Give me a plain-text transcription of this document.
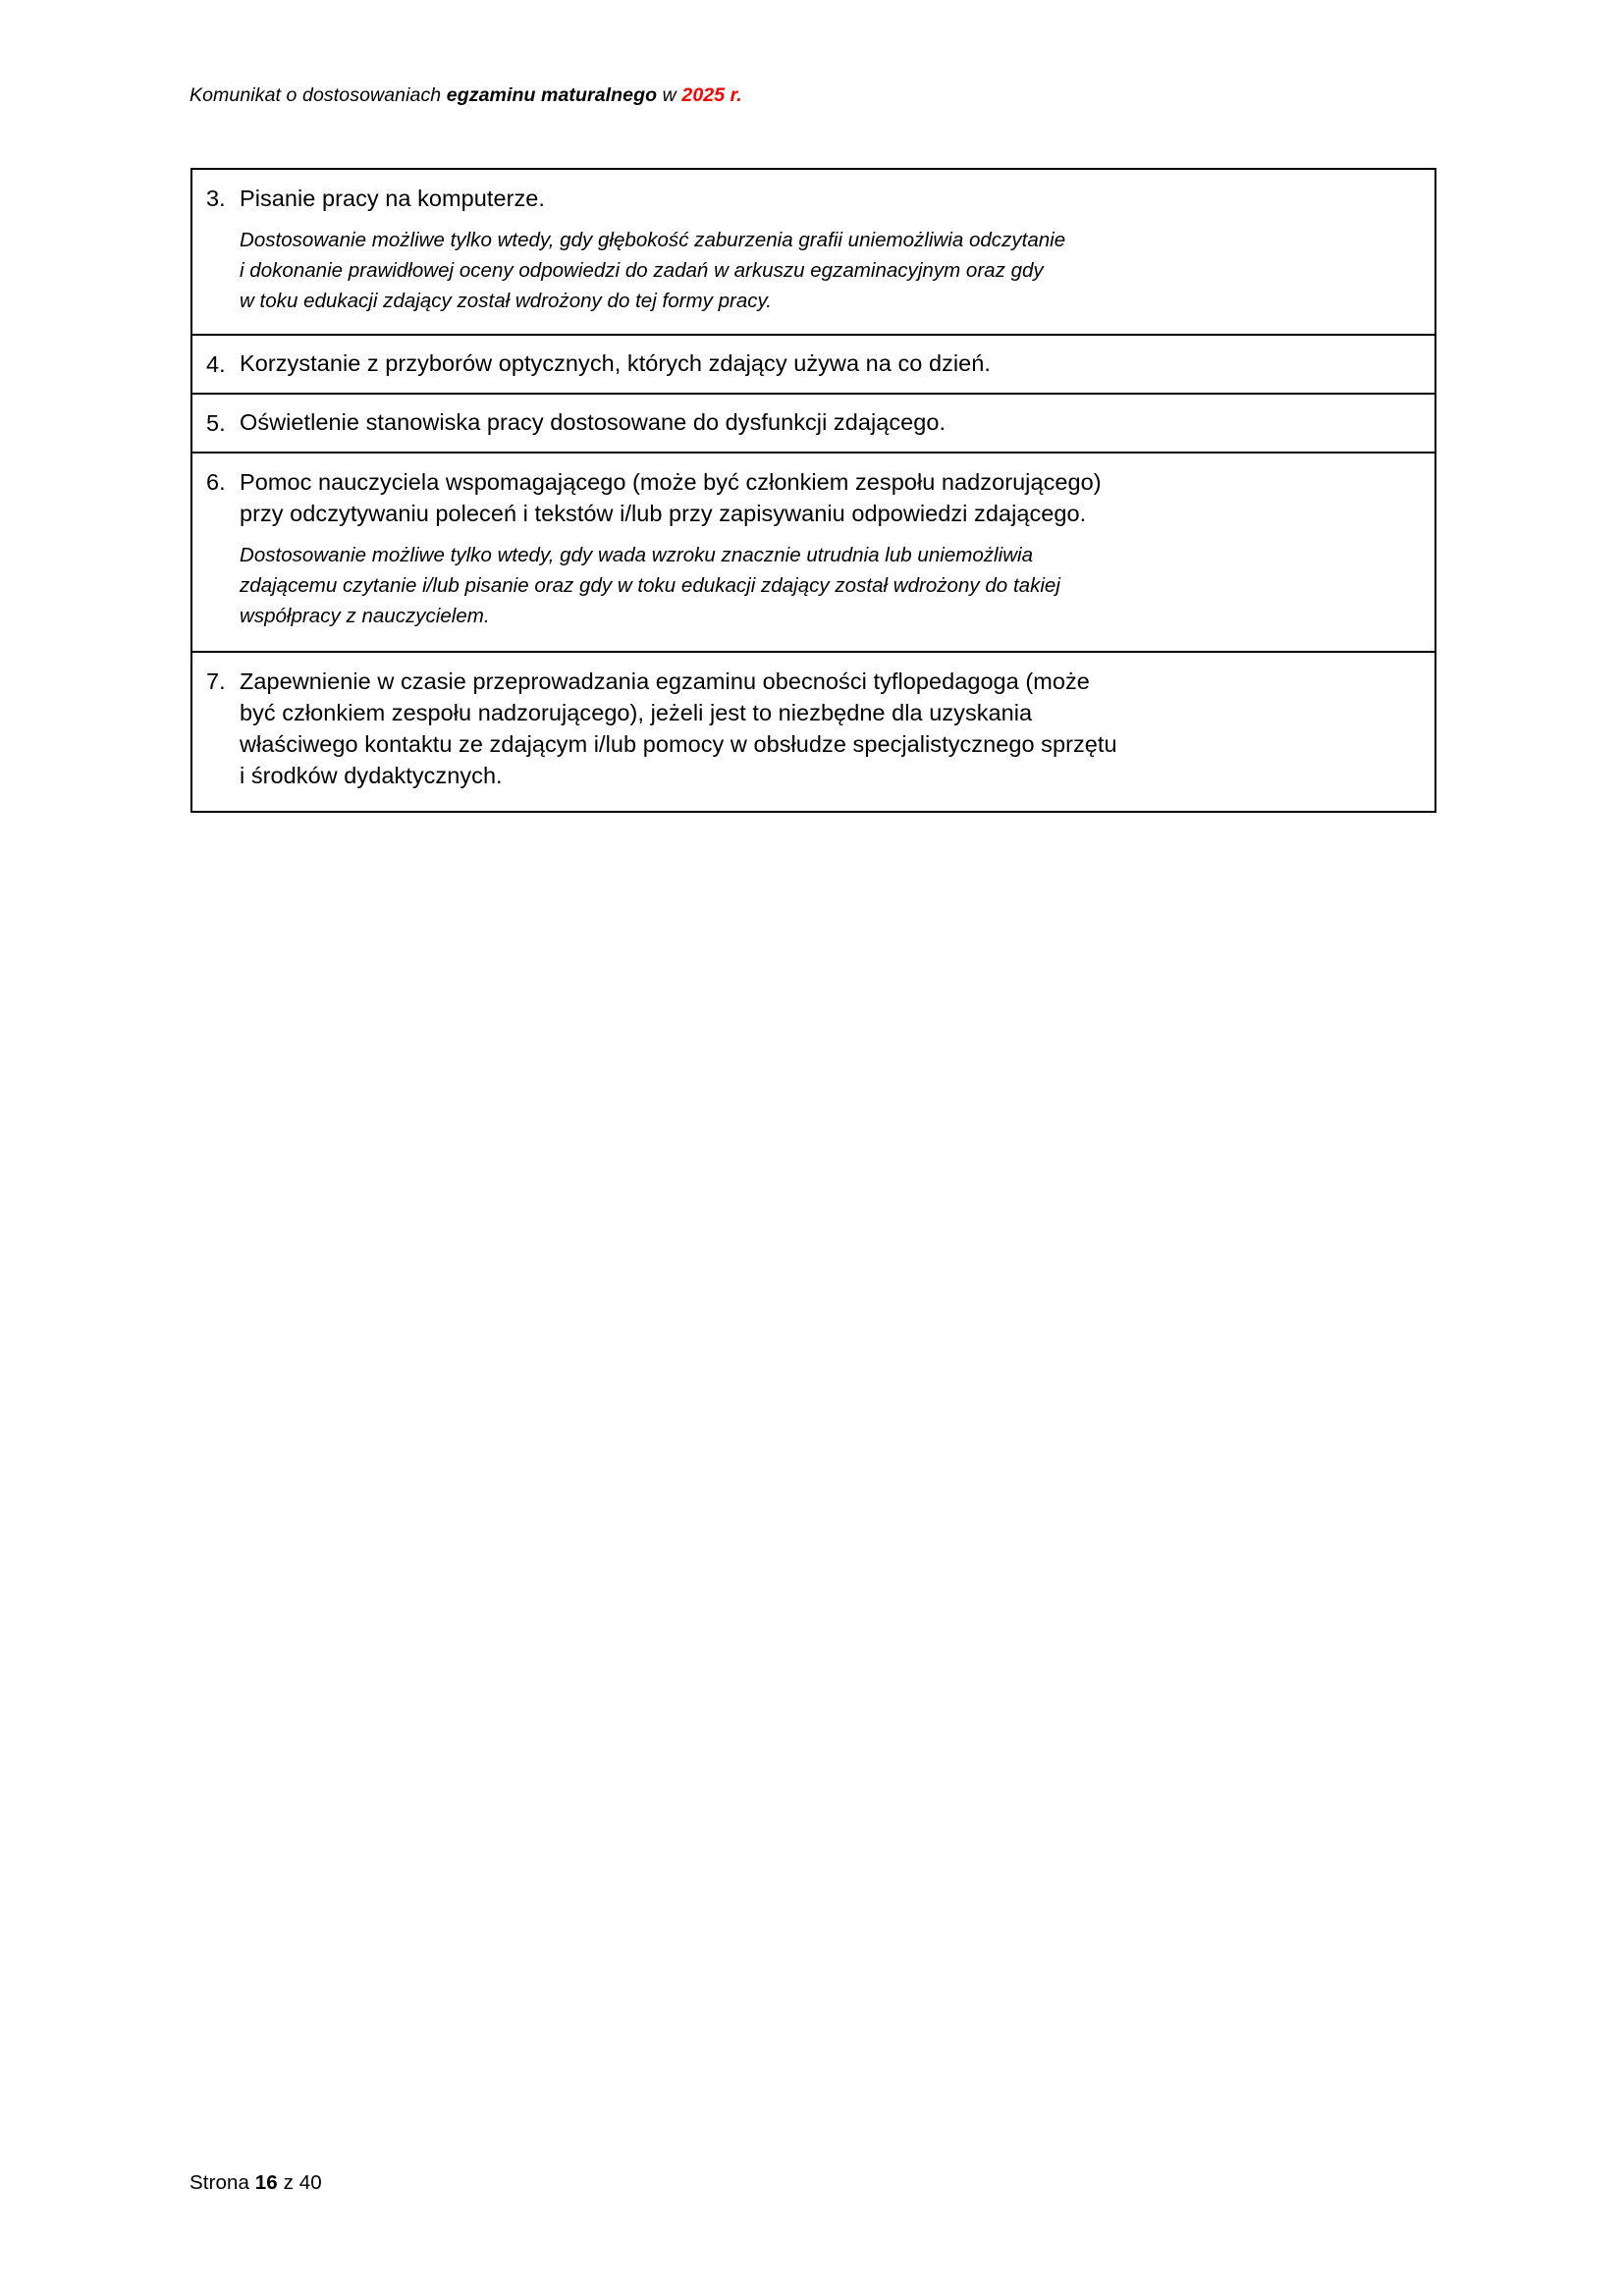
Komunikat o dostosowaniach egzaminu maturalnego w 2025 r.
3. Pisanie pracy na komputerze.
Dostosowanie możliwe tylko wtedy, gdy głębokość zaburzenia grafii uniemożliwia odczytanie
i dokonanie prawidłowej oceny odpowiedzi do zadań w arkuszu egzaminacyjnym oraz gdy
w toku edukacji zdający został wdrożony do tej formy pracy.
4. Korzystanie z przyborów optycznych, których zdający używa na co dzień.
5. Oświetlenie stanowiska pracy dostosowane do dysfunkcji zdającego.
6. Pomoc nauczyciela wspomagającego (może być członkiem zespołu nadzorującego)
przy odczytywaniu poleceń i tekstów i/lub przy zapisywaniu odpowiedzi zdającego.
Dostosowanie możliwe tylko wtedy, gdy wada wzroku znacznie utrudnia lub uniemożliwia
zdającemu czytanie i/lub pisanie oraz gdy w toku edukacji zdający został wdrożony do takiej
współpracy z nauczycielem.
7. Zapewnienie w czasie przeprowadzania egzaminu obecności tyflopedagoga (może
być członkiem zespołu nadzorującego), jeżeli jest to niezbędne dla uzyskania
właściwego kontaktu ze zdającym i/lub pomocy w obsłudze specjalistycznego sprzętu
i środków dydaktycznych.
Strona 16 z 40
